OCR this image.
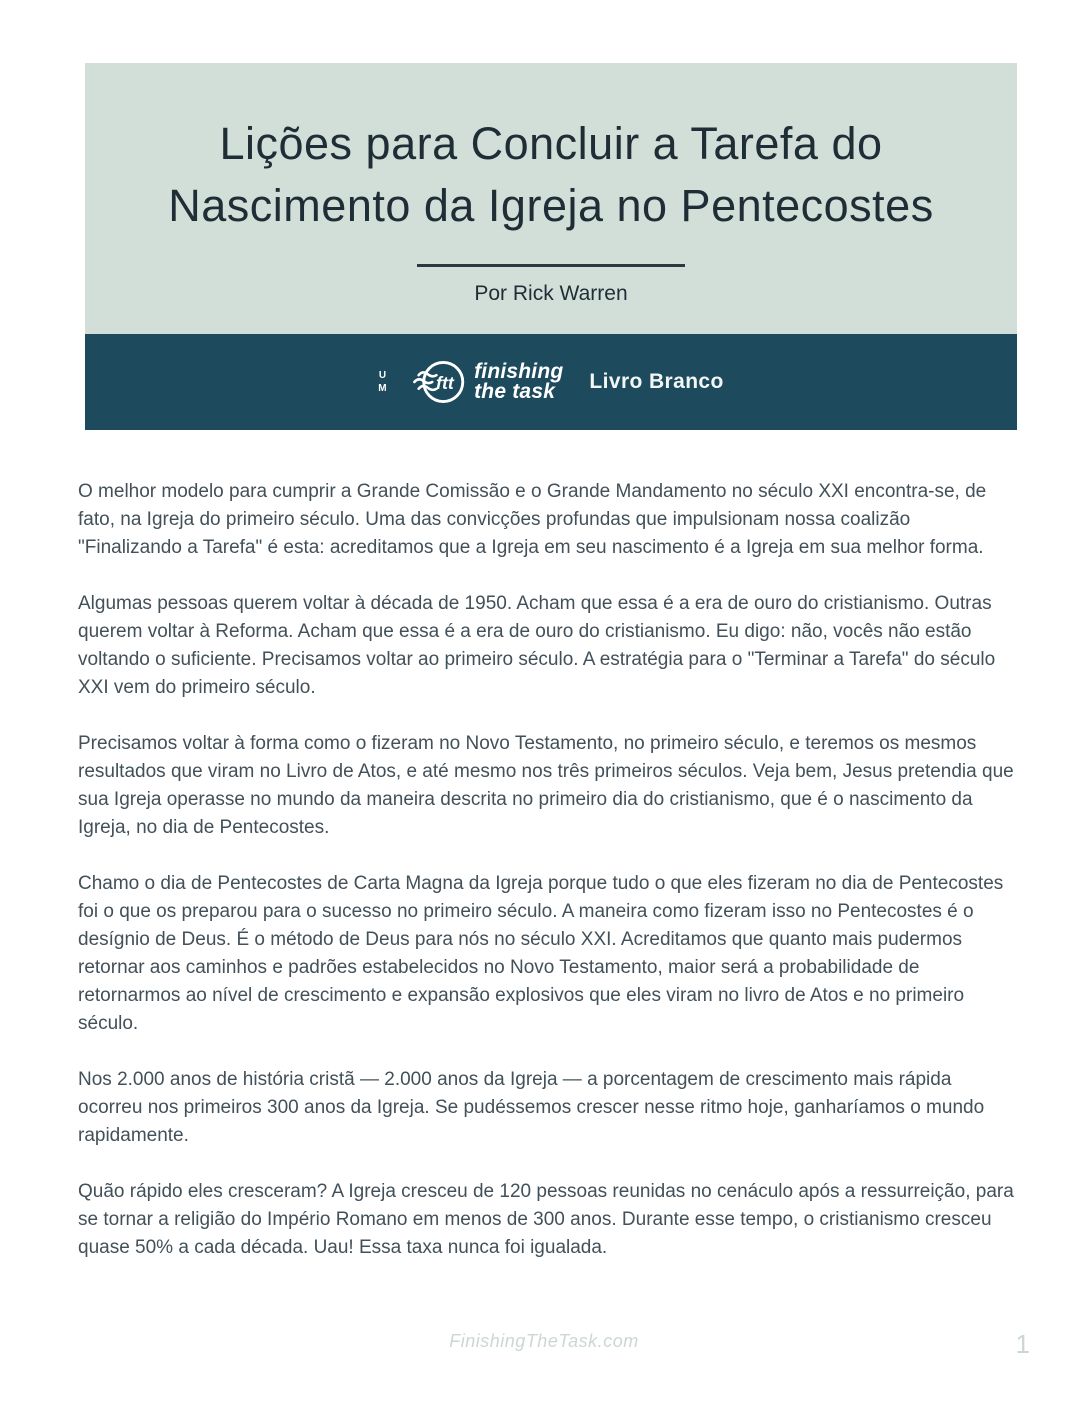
Lições para Concluir a Tarefa do
Nascimento da Igreja no Pentecostes
Por Rick Warren
U
M ftt finishing
the task	Livro Branco

O melhor modelo para cumprir a Grande Comissão e o Grande Mandamento no século XXI encontra-se, de fato, na Igreja do primeiro século. Uma das convicções profundas que impulsionam nossa coalizão "Finalizando a Tarefa" é esta: acreditamos que a Igreja em seu nascimento é a Igreja em sua melhor forma.

Algumas pessoas querem voltar à década de 1950. Acham que essa é a era de ouro do cristianismo. Outras querem voltar à Reforma. Acham que essa é a era de ouro do cristianismo. Eu digo: não, vocês não estão voltando o suficiente. Precisamos voltar ao primeiro século. A estratégia para o "Terminar a Tarefa" do século XXI vem do primeiro século.

Precisamos voltar à forma como o fizeram no Novo Testamento, no primeiro século, e teremos os mesmos resultados que viram no Livro de Atos, e até mesmo nos três primeiros séculos. Veja bem, Jesus pretendia que sua Igreja operasse no mundo da maneira descrita no primeiro dia do cristianismo, que é o nascimento da Igreja, no dia de Pentecostes.

Chamo o dia de Pentecostes de Carta Magna da Igreja porque tudo o que eles fizeram no dia de Pentecostes foi o que os preparou para o sucesso no primeiro século. A maneira como fizeram isso no Pentecostes é o desígnio de Deus. É o método de Deus para nós no século XXI. Acreditamos que quanto mais pudermos retornar aos caminhos e padrões estabelecidos no Novo Testamento, maior será a probabilidade de retornarmos ao nível de crescimento e expansão explosivos que eles viram no livro de Atos e no primeiro século.

Nos 2.000 anos de história cristã — 2.000 anos da Igreja — a porcentagem de crescimento mais rápida ocorreu nos primeiros 300 anos da Igreja. Se pudéssemos crescer nesse ritmo hoje, ganharíamos o mundo rapidamente.

Quão rápido eles cresceram? A Igreja cresceu de 120 pessoas reunidas no cenáculo após a ressurreição, para se tornar a religião do Império Romano em menos de 300 anos. Durante esse tempo, o cristianismo cresceu quase 50% a cada década. Uau! Essa taxa nunca foi igualada.

FinishingTheTask.com	1
